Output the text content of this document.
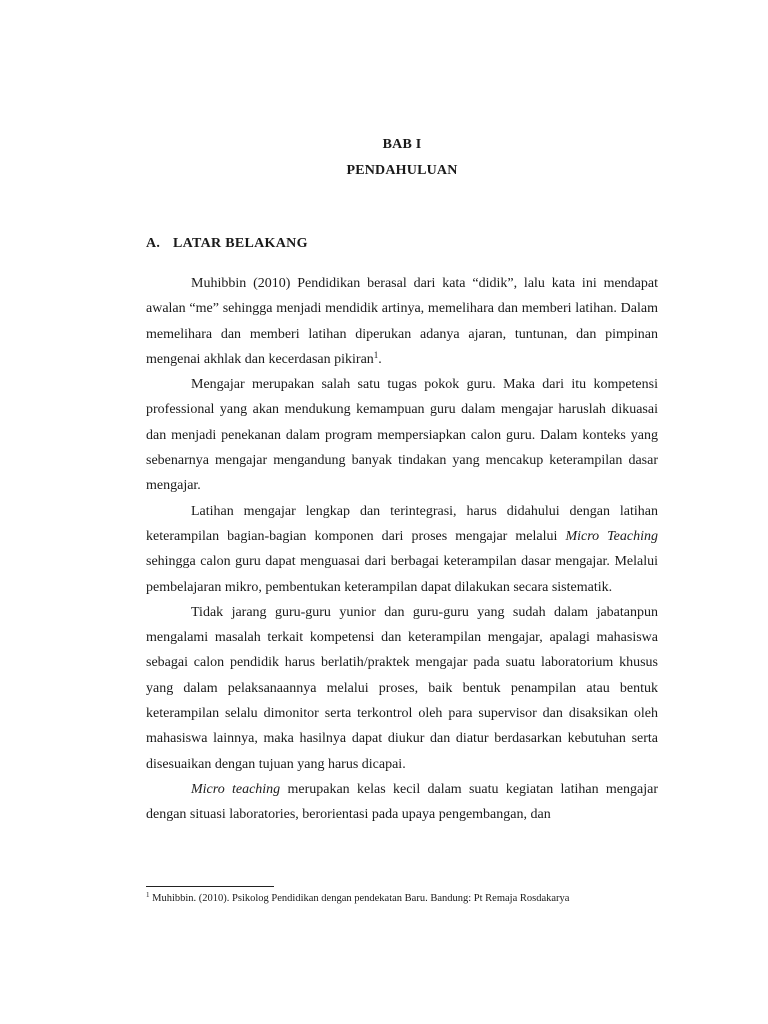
BAB I
PENDAHULUAN
A. LATAR BELAKANG

Muhibbin (2010) Pendidikan berasal dari kata “didik”, lalu kata ini mendapat awalan “me” sehingga menjadi mendidik artinya, memelihara dan memberi latihan. Dalam memelihara dan memberi latihan diperukan adanya ajaran, tuntunan, dan pimpinan mengenai akhlak dan kecerdasan pikiran$^1$.

Mengajar merupakan salah satu tugas pokok guru. Maka dari itu kompetensi professional yang akan mendukung kemampuan guru dalam mengajar haruslah dikuasai dan menjadi penekanan dalam program mempersiapkan calon guru. Dalam konteks yang sebenarnya mengajar mengandung banyak tindakan yang mencakup keterampilan dasar mengajar.

Latihan mengajar lengkap dan terintegrasi, harus didahului dengan latihan keterampilan bagian-bagian komponen dari proses mengajar melalui Micro Teaching sehingga calon guru dapat menguasai dari berbagai keterampilan dasar mengajar. Melalui pembelajaran mikro, pembentukan keterampilan dapat dilakukan secara sistematik.

Tidak jarang guru-guru yunior dan guru-guru yang sudah dalam jabatanpun mengalami masalah terkait kompetensi dan keterampilan mengajar, apalagi mahasiswa sebagai calon pendidik harus berlatih/praktek mengajar pada suatu laboratorium khusus yang dalam pelaksanaannya melalui proses, baik bentuk penampilan atau bentuk keterampilan selalu dimonitor serta terkontrol oleh para supervisor dan disaksikan oleh mahasiswa lainnya, maka hasilnya dapat diukur dan diatur berdasarkan kebutuhan serta disesuaikan dengan tujuan yang harus dicapai.

Micro teaching merupakan kelas kecil dalam suatu kegiatan latihan mengajar dengan situasi laboratories, berorientasi pada upaya pengembangan, dan

$^1$ Muhibbin. (2010). Psikolog Pendidikan dengan pendekatan Baru. Bandung: Pt Remaja Rosdakarya
